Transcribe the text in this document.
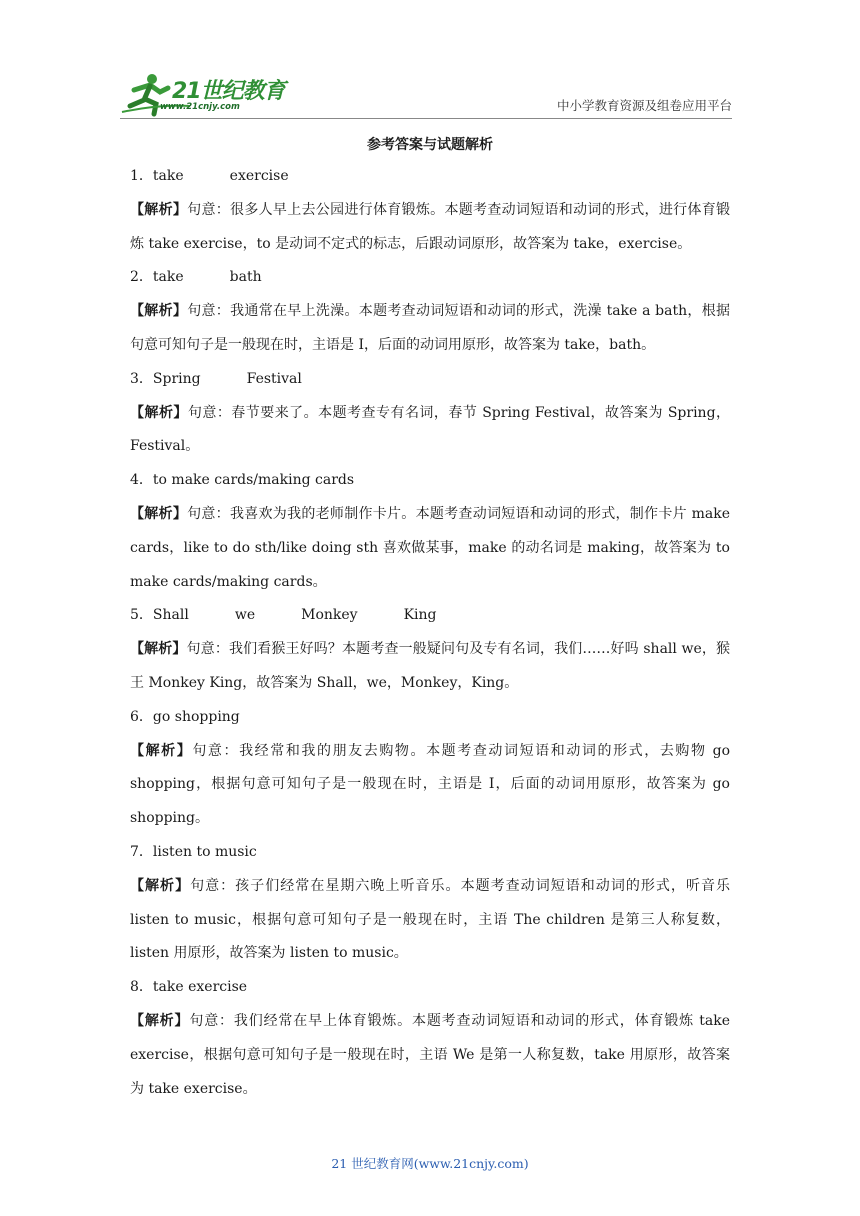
21世纪教育
www.21cnjy.com	中小学教育资源及组卷应用平台
参考答案与试题解析

1．take	exercise

【解析】句意：很多人早上去公园进行体育锻炼。本题考查动词短语和动词的形式，进行体育锻炼 take exercise，to 是动词不定式的标志，后跟动词原形，故答案为 take，exercise。

2．take	bath

【解析】句意：我通常在早上洗澡。本题考查动词短语和动词的形式，洗澡 take a bath，根据句意可知句子是一般现在时，主语是 I，后面的动词用原形，故答案为 take，bath。

3．Spring	Festival

【解析】句意：春节要来了。本题考查专有名词，春节 Spring Festival，故答案为 Spring，Festival。

4．to make cards/making cards

【解析】句意：我喜欢为我的老师制作卡片。本题考查动词短语和动词的形式，制作卡片 make cards，like to do sth/like doing sth 喜欢做某事，make 的动名词是 making，故答案为 to make cards/making cards。

5．Shall	we	Monkey	King

【解析】句意：我们看猴王好吗？本题考查一般疑问句及专有名词，我们……好吗 shall we，猴王 Monkey King，故答案为 Shall，we，Monkey，King。

6．go shopping

【解析】句意：我经常和我的朋友去购物。本题考查动词短语和动词的形式，去购物 go shopping，根据句意可知句子是一般现在时，主语是 I，后面的动词用原形，故答案为 go shopping。

7．listen to music

【解析】句意：孩子们经常在星期六晚上听音乐。本题考查动词短语和动词的形式，听音乐 listen to music，根据句意可知句子是一般现在时，主语 The children 是第三人称复数，listen 用原形，故答案为 listen to music。

8．take exercise

【解析】句意：我们经常在早上体育锻炼。本题考查动词短语和动词的形式，体育锻炼 take exercise，根据句意可知句子是一般现在时，主语 We 是第一人称复数，take 用原形，故答案为 take exercise。

21 世纪教育网(www.21cnjy.com)
